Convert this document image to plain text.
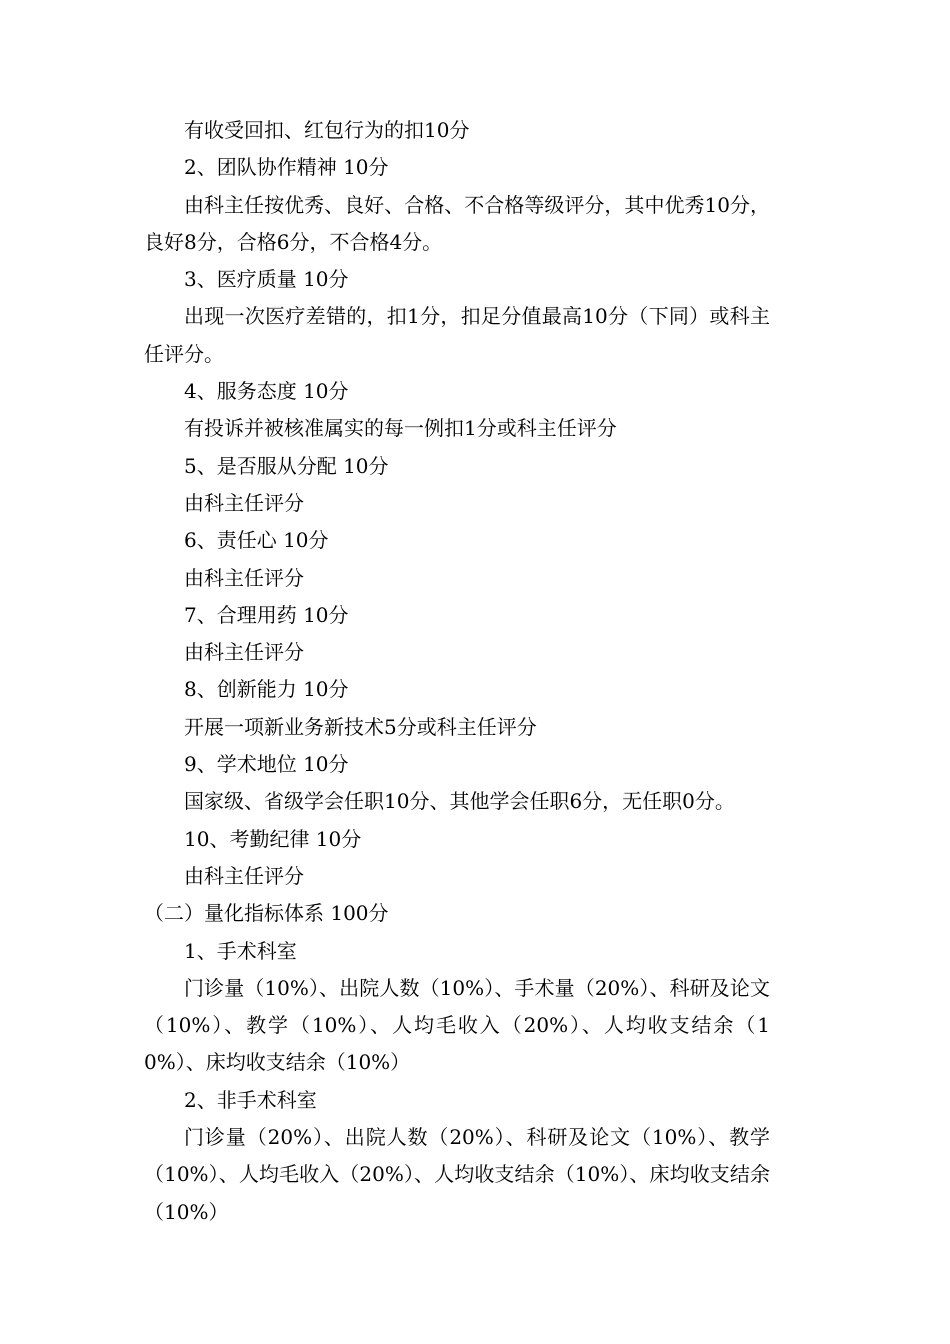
有收受回扣、红包行为的扣10分

2、团队协作精神 10分

由科主任按优秀、良好、合格、不合格等级评分，其中优秀10分，良好8分，合格6分，不合格4分。

3、医疗质量 10分

出现一次医疗差错的，扣1分，扣足分值最高10分（下同）或科主任评分。

4、服务态度 10分

有投诉并被核准属实的每一例扣1分或科主任评分

5、是否服从分配 10分

由科主任评分

6、责任心 10分

由科主任评分

7、合理用药 10分

由科主任评分

8、创新能力 10分

开展一项新业务新技术5分或科主任评分

9、学术地位 10分

国家级、省级学会任职10分、其他学会任职6分，无任职0分。

10、考勤纪律 10分

由科主任评分

（二）量化指标体系 100分

1、手术科室

门诊量（10%）、出院人数（10%）、手术量（20%）、科研及论文（10%）、教学（10%）、人均毛收入（20%）、人均收支结余（10%）、床均收支结余（10%）

2、非手术科室

门诊量（20%）、出院人数（20%）、科研及论文（10%）、教学（10%）、人均毛收入（20%）、人均收支结余（10%）、床均收支结余（10%）
